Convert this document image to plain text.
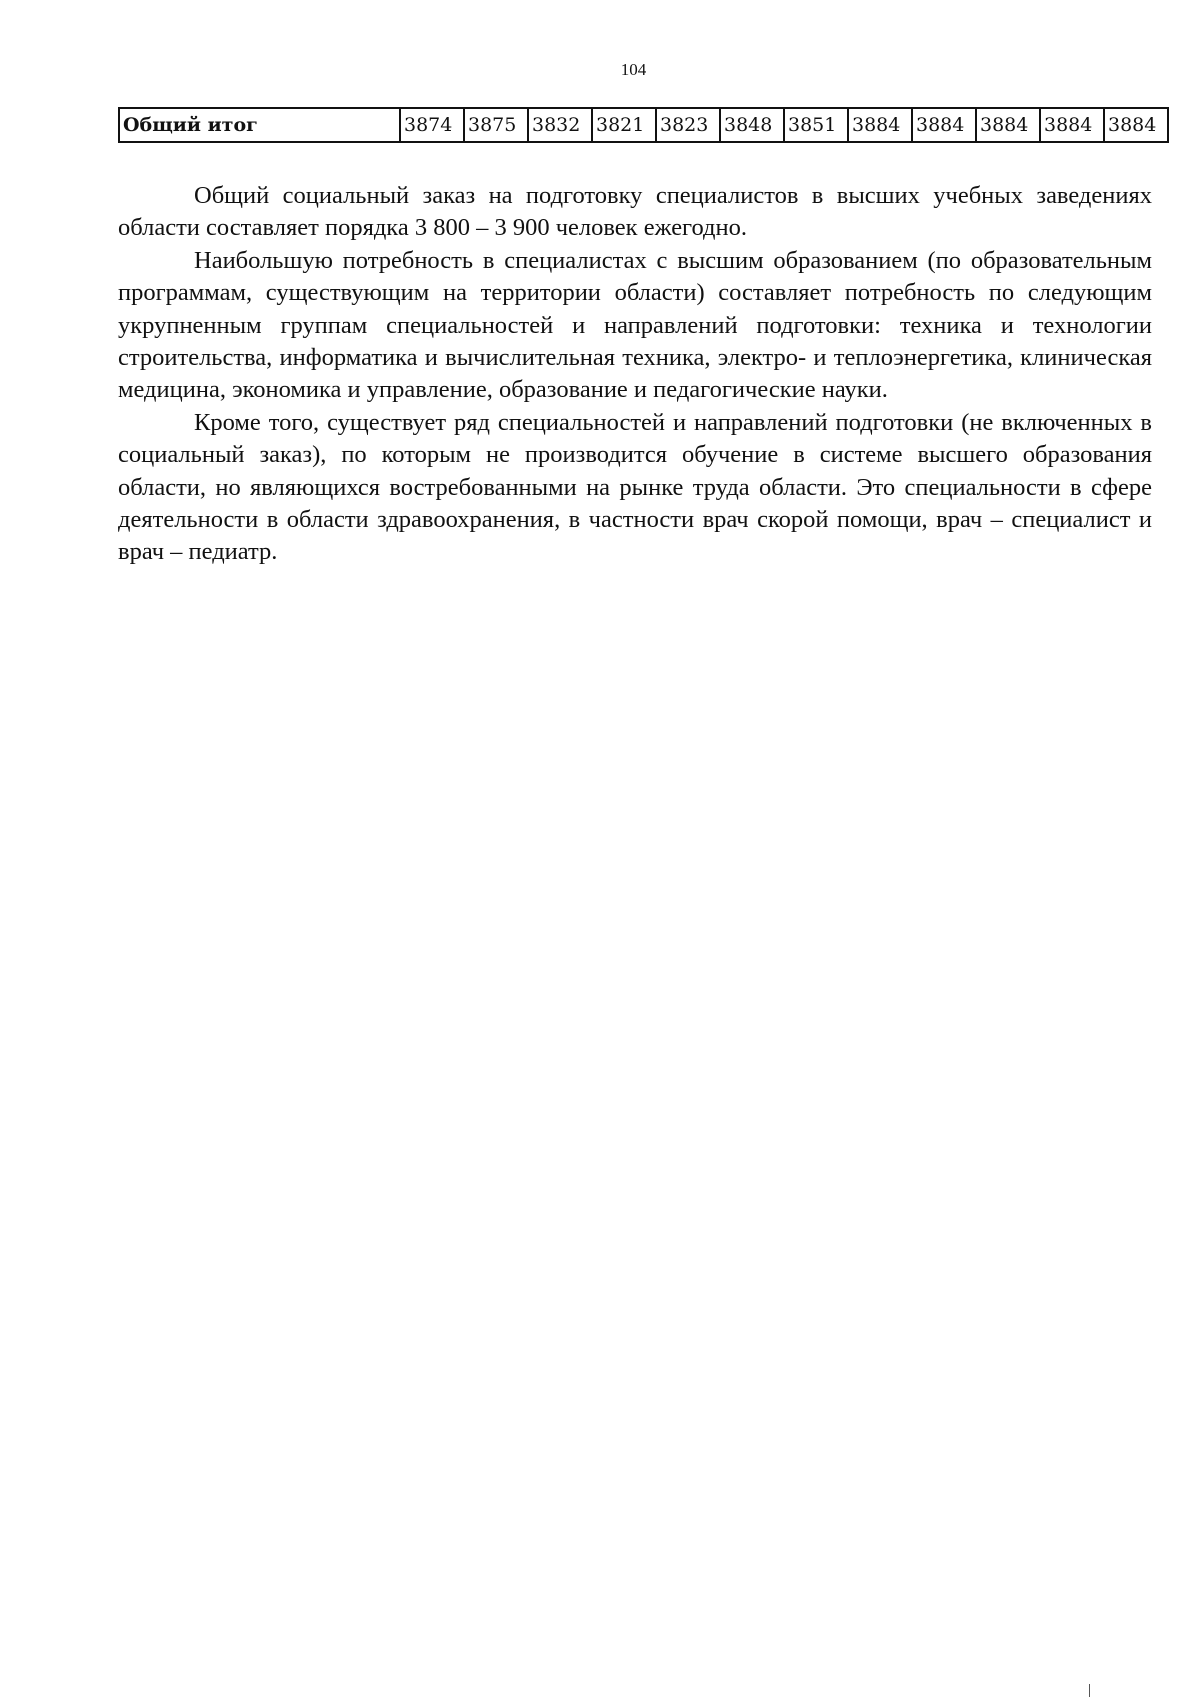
104
Общий итог	3874	3875	3832	3821	3823	3848	3851	3884	3884	3884	3884	3884

Общий социальный заказ на подготовку специалистов в высших учебных заведениях области составляет порядка 3 800 – 3 900 человек ежегодно.

Наибольшую потребность в специалистах с высшим образованием (по образовательным программам, существующим на территории области) составляет потребность по следующим укрупненным группам специальностей и направлений подготовки: техника и технологии строительства, информатика и вычислительная техника, электро- и теплоэнергетика, клиническая медицина, экономика и управление, образование и педагогические науки.

Кроме того, существует ряд специальностей и направлений подготовки (не включенных в социальный заказ), по которым не производится обучение в системе высшего образования области, но являющихся востребованными на рынке труда области. Это специальности в сфере деятельности в области здравоохранения, в частности врач скорой помощи, врач – специалист и врач – педиатр.
